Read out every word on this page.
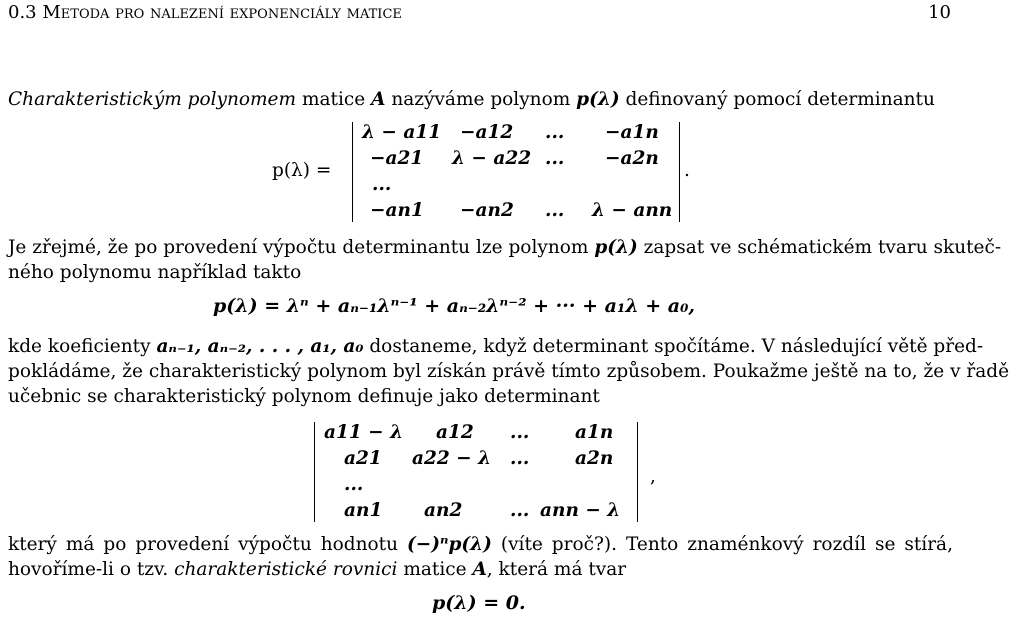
0.3 Metoda pro nalezení exponenciály matice	10
Charakteristickým polynomem matice A nazýváme polynom p(λ) definovaný pomocí determinantu
p(λ) =
λ − a11 −a12 ... −a1n
−a21 λ − a22 ... −a2n
...
−an1 −an2 ... λ − ann
.
Je zřejmé, že po provedení výpočtu determinantu lze polynom p(λ) zapsat ve schématickém tvaru skuteč-
ného polynomu například takto
p(λ) = λⁿ + aₙ₋₁λⁿ⁻¹ + aₙ₋₂λⁿ⁻² + ··· + a₁λ + a₀,
kde koeficienty aₙ₋₁, aₙ₋₂, . . . , a₁, a₀ dostaneme, když determinant spočítáme. V následující větě před-
pokládáme, že charakteristický polynom byl získán právě tímto způsobem. Poukažme ještě na to, že v řadě
učebnic se charakteristický polynom definuje jako determinant
a11 − λ a12 ... a1n
a21 a22 − λ ... a2n
...
an1 an2	... ann − λ
,
který má po provedení výpočtu hodnotu (−)ⁿp(λ) (víte proč?). Tento znaménkový rozdíl se stírá,
hovoříme-li o tzv. charakteristické rovnici matice A, která má tvar
p(λ) = 0.
